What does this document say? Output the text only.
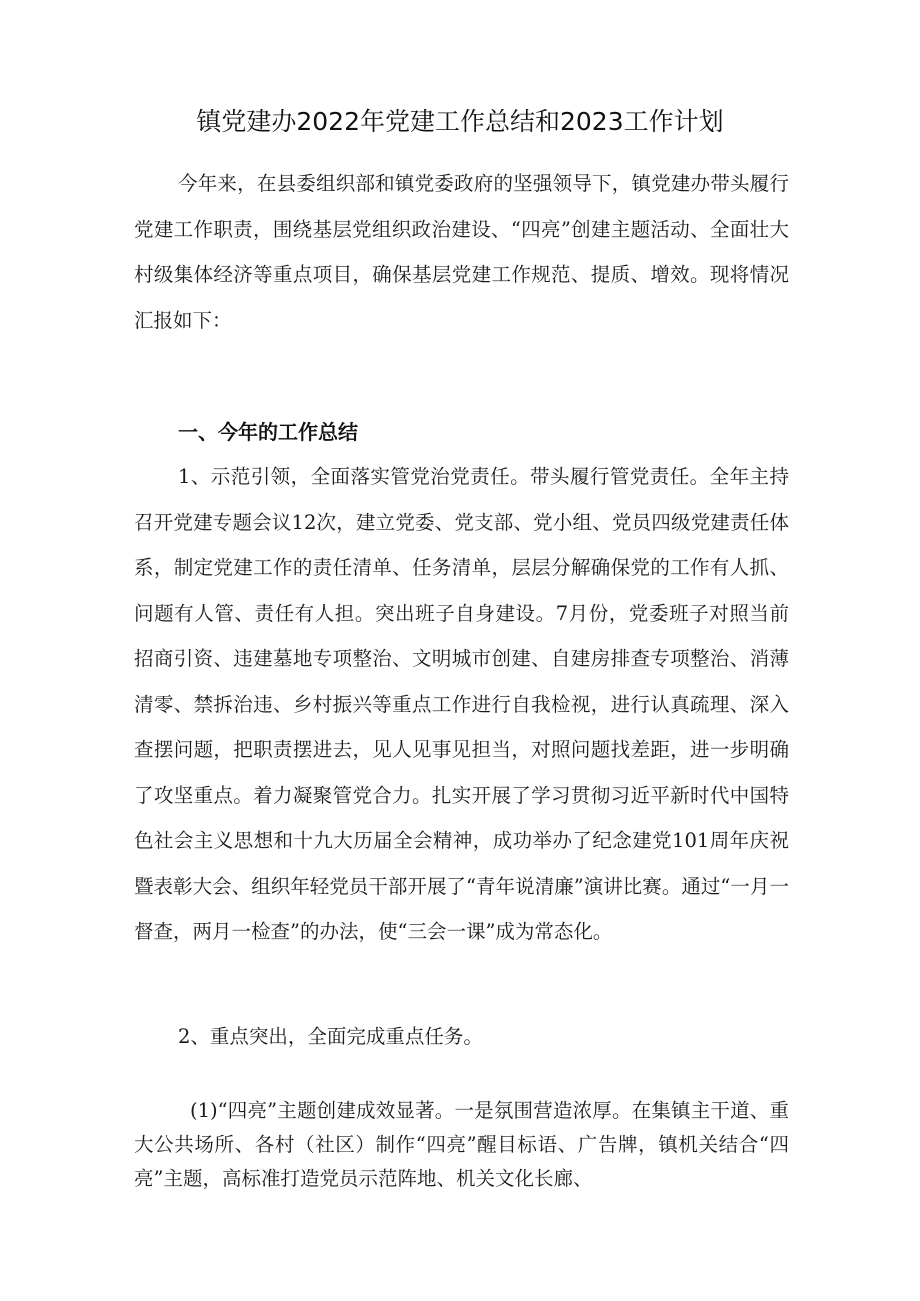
镇党建办2022年党建工作总结和2023工作计划

今年来，在县委组织部和镇党委政府的坚强领导下，镇党建办带头履行党建工作职责，围绕基层党组织政治建设、“四亮”创建主题活动、全面壮大村级集体经济等重点项目，确保基层党建工作规范、提质、增效。现将情况汇报如下：

一、今年的工作总结

1、示范引领，全面落实管党治党责任。带头履行管党责任。全年主持召开党建专题会议12次，建立党委、党支部、党小组、党员四级党建责任体系，制定党建工作的责任清单、任务清单，层层分解确保党的工作有人抓、问题有人管、责任有人担。突出班子自身建设。7月份，党委班子对照当前招商引资、违建墓地专项整治、文明城市创建、自建房排查专项整治、消薄清零、禁拆治违、乡村振兴等重点工作进行自我检视，进行认真疏理、深入查摆问题，把职责摆进去，见人见事见担当，对照问题找差距，进一步明确了攻坚重点。着力凝聚管党合力。扎实开展了学习贯彻习近平新时代中国特色社会主义思想和十九大历届全会精神，成功举办了纪念建党101周年庆祝暨表彰大会、组织年轻党员干部开展了“青年说清廉”演讲比赛。通过“一月一督查，两月一检查”的办法，使“三会一课”成为常态化。

2、重点突出，全面完成重点任务。

(1)“四亮”主题创建成效显著。一是氛围营造浓厚。在集镇主干道、重大公共场所、各村（社区）制作“四亮”醒目标语、广告牌，镇机关结合“四亮”主题，高标准打造党员示范阵地、机关文化长廊、
